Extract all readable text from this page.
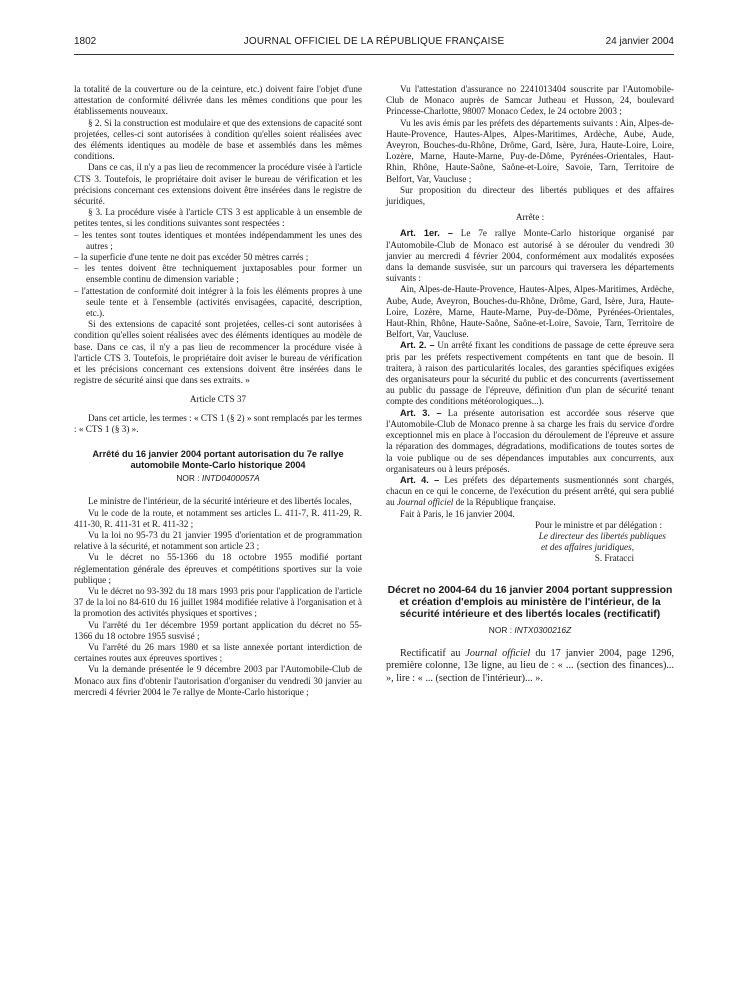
1802	JOURNAL OFFICIEL DE LA RÉPUBLIQUE FRANÇAISE	24 janvier 2004

la totalité de la couverture ou de la ceinture, etc.) doivent faire l'objet d'une attestation de conformité délivrée dans les mêmes conditions que pour les établissements nouveaux.

§ 2. Si la construction est modulaire et que des extensions de capacité sont projetées, celles-ci sont autorisées à condition qu'elles soient réalisées avec des éléments identiques au modèle de base et assemblés dans les mêmes conditions.

Dans ce cas, il n'y a pas lieu de recommencer la procédure visée à l'article CTS 3. Toutefois, le propriétaire doit aviser le bureau de vérification et les précisions concernant ces extensions doivent être insérées dans le registre de sécurité.

§ 3. La procédure visée à l'article CTS 3 est applicable à un ensemble de petites tentes, si les conditions suivantes sont respectées :

– les tentes sont toutes identiques et montées indépendamment les unes des autres ;

– la superficie d'une tente ne doit pas excéder 50 mètres carrés ;

– les tentes doivent être techniquement juxtaposables pour former un ensemble continu de dimension variable ;

– l'attestation de conformité doit intégrer à la fois les éléments propres à une seule tente et à l'ensemble (activités envisagées, capacité, description, etc.).

Si des extensions de capacité sont projetées, celles-ci sont autorisées à condition qu'elles soient réalisées avec des éléments identiques au modèle de base. Dans ce cas, il n'y a pas lieu de recommencer la procédure visée à l'article CTS 3. Toutefois, le propriétaire doit aviser le bureau de vérification et les précisions concernant ces extensions doivent être insérées dans le registre de sécurité ainsi que dans ses extraits. »

Article CTS 37

Dans cet article, les termes : « CTS 1 (§ 2) » sont remplacés par les termes : « CTS 1 (§ 3) ».

Arrêté du 16 janvier 2004 portant autorisation du 7e rallye automobile Monte-Carlo historique 2004

NOR : INTD0400057A

Le ministre de l'intérieur, de la sécurité intérieure et des libertés locales,

Vu le code de la route, et notamment ses articles L. 411-7, R. 411-29, R. 411-30, R. 411-31 et R. 411-32 ;

Vu la loi no 95-73 du 21 janvier 1995 d'orientation et de programmation relative à la sécurité, et notamment son article 23 ;

Vu le décret no 55-1366 du 18 octobre 1955 modifié portant réglementation générale des épreuves et compétitions sportives sur la voie publique ;

Vu le décret no 93-392 du 18 mars 1993 pris pour l'application de l'article 37 de la loi no 84-610 du 16 juillet 1984 modifiée relative à l'organisation et à la promotion des activités physiques et sportives ;

Vu l'arrêté du 1er décembre 1959 portant application du décret no 55-1366 du 18 octobre 1955 susvisé ;

Vu l'arrêté du 26 mars 1980 et sa liste annexée portant interdiction de certaines routes aux épreuves sportives ;

Vu la demande présentée le 9 décembre 2003 par l'Automobile-Club de Monaco aux fins d'obtenir l'autorisation d'organiser du vendredi 30 janvier au mercredi 4 février 2004 le 7e rallye de Monte-Carlo historique ;

Vu l'attestation d'assurance no 2241013404 souscrite par l'Automobile-Club de Monaco auprès de Samcar Jutheau et Husson, 24, boulevard Princesse-Charlotte, 98007 Monaco Cedex, le 24 octobre 2003 ;

Vu les avis émis par les préfets des départements suivants : Ain, Alpes-de-Haute-Provence, Hautes-Alpes, Alpes-Maritimes, Ardèche, Aube, Aude, Aveyron, Bouches-du-Rhône, Drôme, Gard, Isère, Jura, Haute-Loire, Loire, Lozère, Marne, Haute-Marne, Puy-de-Dôme, Pyrénées-Orientales, Haut-Rhin, Rhône, Haute-Saône, Saône-et-Loire, Savoie, Tarn, Territoire de Belfort, Var, Vaucluse ;

Sur proposition du directeur des libertés publiques et des affaires juridiques,

Arrête :

Art. 1er. – Le 7e rallye Monte-Carlo historique organisé par l'Automobile-Club de Monaco est autorisé à se dérouler du vendredi 30 janvier au mercredi 4 février 2004, conformément aux modalités exposées dans la demande susvisée, sur un parcours qui traversera les départements suivants :

Ain, Alpes-de-Haute-Provence, Hautes-Alpes, Alpes-Maritimes, Ardèche, Aube, Aude, Aveyron, Bouches-du-Rhône, Drôme, Gard, Isère, Jura, Haute-Loire, Lozère, Marne, Haute-Marne, Puy-de-Dôme, Pyrénées-Orientales, Haut-Rhin, Rhône, Haute-Saône, Saône-et-Loire, Savoie, Tarn, Territoire de Belfort, Var, Vaucluse.

Art. 2. – Un arrêté fixant les conditions de passage de cette épreuve sera pris par les préfets respectivement compétents en tant que de besoin. Il traitera, à raison des particularités locales, des garanties spécifiques exigées des organisateurs pour la sécurité du public et des concurrents (avertissement au public du passage de l'épreuve, définition d'un plan de sécurité tenant compte des conditions météorologiques...).

Art. 3. – La présente autorisation est accordée sous réserve que l'Automobile-Club de Monaco prenne à sa charge les frais du service d'ordre exceptionnel mis en place à l'occasion du déroulement de l'épreuve et assure la réparation des dommages, dégradations, modifications de toutes sortes de la voie publique ou de ses dépendances imputables aux concurrents, aux organisateurs ou à leurs préposés.

Art. 4. – Les préfets des départements susmentionnés sont chargés, chacun en ce qui le concerne, de l'exécution du présent arrêté, qui sera publié au Journal officiel de la République française.

Fait à Paris, le 16 janvier 2004.

Pour le ministre et par délégation :

Le directeur des libertés publiques

et des affaires juridiques,

S. Fratacci

Décret no 2004-64 du 16 janvier 2004 portant suppression et création d'emplois au ministère de l'intérieur, de la sécurité intérieure et des libertés locales (rectificatif)

NOR : INTX0300216Z

Rectificatif au Journal officiel du 17 janvier 2004, page 1296, première colonne, 13e ligne, au lieu de : « ... (section des finances)... », lire : « ... (section de l'intérieur)... ».
